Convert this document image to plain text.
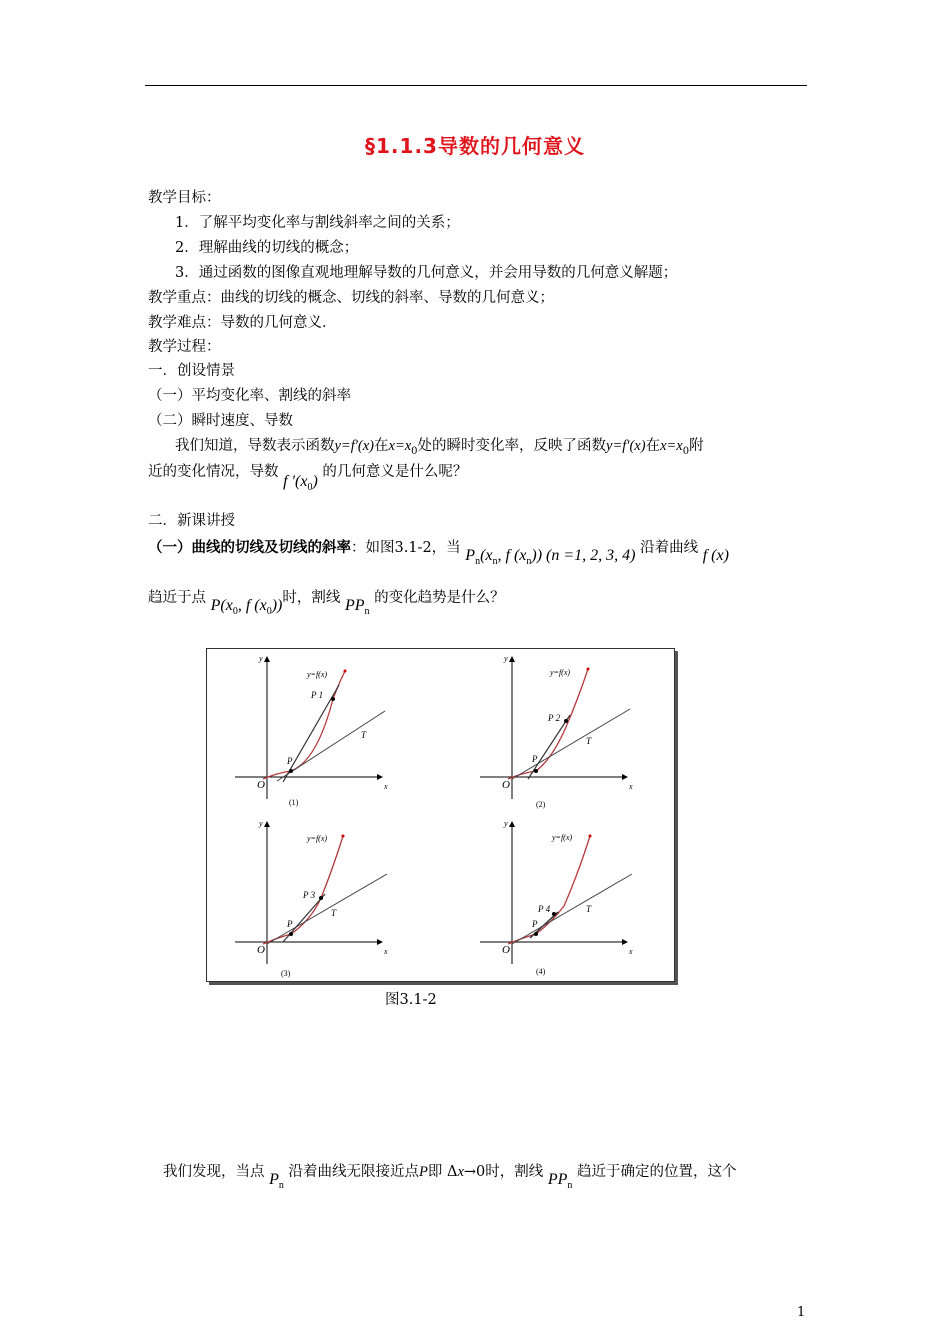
§1.1.3导数的几何意义
教学目标：
1．了解平均变化率与割线斜率之间的关系；
2．理解曲线的切线的概念；
3．通过函数的图像直观地理解导数的几何意义，并会用导数的几何意义解题；
教学重点：曲线的切线的概念、切线的斜率、导数的几何意义；
教学难点：导数的几何意义．
教学过程：
一．创设情景
（一）平均变化率、割线的斜率
（二）瞬时速度、导数
我们知道，导数表示函数y=f′(x)在$x=x_0$处的瞬时变化率，反映了函数y=f′(x)在$x=x_0$附
近的变化情况，导数 f $'(x_0)$ 的几何意义是什么呢？
二．新课讲授
（一）曲线的切线及切线的斜率：如图3.1-2，当 $P_n(x_n$, f $(x_n)$) (n =1, 2, 3, 4) 沿着曲线 f (x)
趋近于点 $P(x_0$, f $(x_0)$)时，割线 $PP_n$ 的变化趋势是什么？
y
x
O
y=f(x)
P 1
P
T
(1)
y
x
O
y=f(x)
P 2
P
T
(2)
y
x
O
y=f(x)
P 3
P
T
(3)
y
x
O
y=f(x)
P 4
P
T
(4)
图3.1-2
我们发现，当点 $P_n$ 沿着曲线无限接近点P即 Δx→0时，割线 $PP_n$ 趋近于确定的位置，这个
1
